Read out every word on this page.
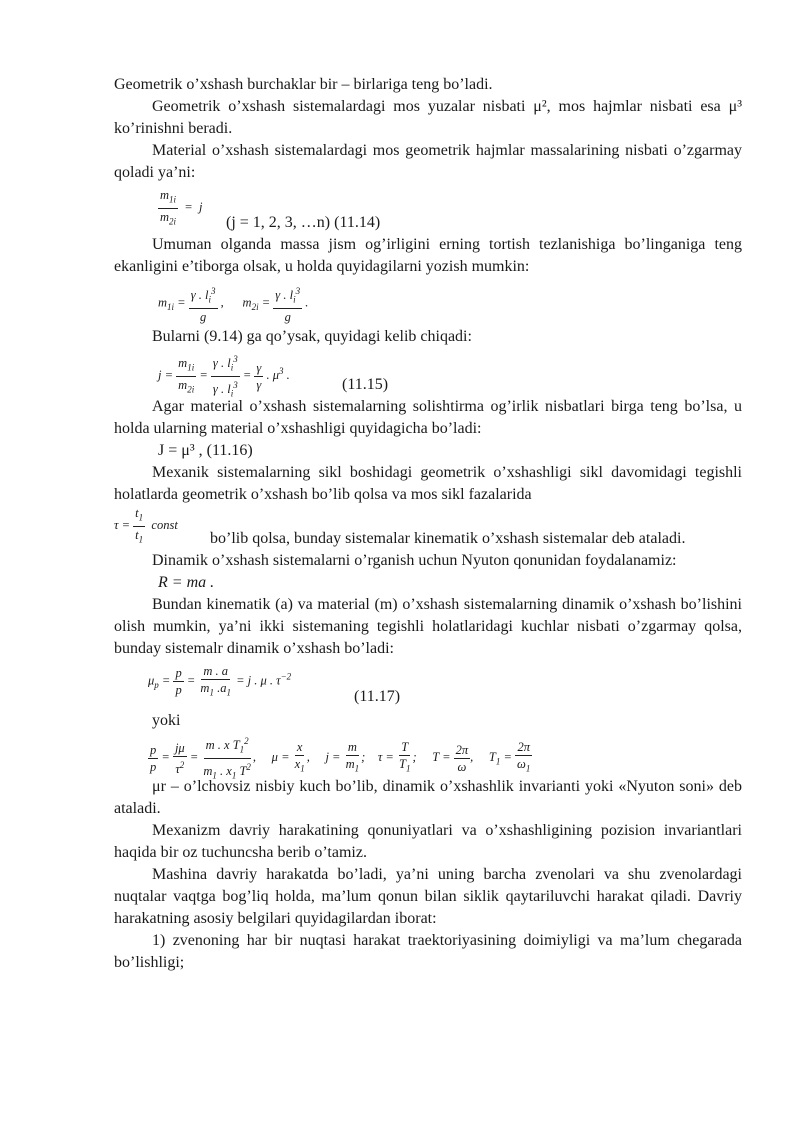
Geometrik o’xshash burchaklar bir – birlariga teng bo’ladi.

Geometrik o’xshash sistemalardagi mos yuzalar nisbati μ², mos hajmlar nisbati esa μ³ ko’rinishni beradi.

Material o’xshash sistemalardagi mos geometrik hajmlar massalarining nisbati o’zgarmay qoladi ya’ni:

$\frac{m_{1i}}{m_{2i}} = j$
(j = 1, 2, 3, …n) (11.14)

Umuman olganda massa jism og’irligini erning tortish tezlanishiga bo’linganiga teng ekanligini e’tiborga olsak, u holda quyidagilarni yozish mumkin:

$m_{1i} = \frac{\gamma . l_i^3}{g}$ ,      $m_{2i} = \frac{\gamma . l_i^3}{g}$ .

Bularni (9.14) ga qo’ysak, quyidagi kelib chiqadi:

$j = \frac{m_{1i}}{m_{2i}} = \frac{\gamma . l_i^3}{\gamma . l_i^3} = \frac{\gamma}{\gamma}$ . $\mu^3$ .
(11.15)

Agar material o’xshash sistemalarning solishtirma og’irlik nisbatlari birga teng bo’lsa, u holda ularning material o’xshashligi quyidagicha bo’ladi:

J = μ³ , (11.16)

Mexanik sistemalarning sikl boshidagi geometrik o’xshashligi sikl davomidagi tegishli holatlarda geometrik o’xshash bo’lib qolsa va mos sikl fazalarida

$\tau = \frac{t_1}{t_1}$ const

bo’lib qolsa, bunday sistemalar kinematik o’xshash sistemalar deb ataladi.

Dinamik o’xshash sistemalarni o’rganish uchun Nyuton qonunidan foydalanamiz:

R = ma .

Bundan kinematik (a) va material (m) o’xshash sistemalarning dinamik o’xshash bo’lishini olish mumkin, ya’ni ikki sistemaning tegishli holatlaridagi kuchlar nisbati o’zgarmay qolsa, bunday sistemalr dinamik o’xshash bo’ladi:

$\mu_p = \frac{p}{p} = \frac{m . a}{m_1 .a_1} = j$ . μ . $\tau^{-2}$
(11.17)

yoki

$\frac{p}{p} = \frac{j\mu}{\tau^2} = \frac{m . x T_1^2}{m_1 . x_1 T^2}$ ,     $\mu = \frac{x}{x_1}$ ,     $j = \frac{m}{m_1}$ ;    $\tau = \frac{T}{T_1}$ ;     $T = \frac{2\pi}{\omega}$ ,     $T_1 = \frac{2\pi}{\omega_1}$

μr – o’lchovsiz nisbiy kuch bo’lib, dinamik o’xshashlik invarianti yoki «Nyuton soni» deb ataladi.

Mexanizm davriy harakatining qonuniyatlari va o’xshashligining pozision invariantlari haqida bir oz tuchuncsha berib o’tamiz.

Mashina davriy harakatda bo’ladi, ya’ni uning barcha zvenolari va shu zvenolardagi nuqtalar vaqtga bog’liq holda, ma’lum qonun bilan siklik qaytariluvchi harakat qiladi. Davriy harakatning asosiy belgilari quyidagilardan iborat:

1) zvenoning har bir nuqtasi harakat traektoriyasining doimiyligi va ma’lum chegarada bo’lishligi;
